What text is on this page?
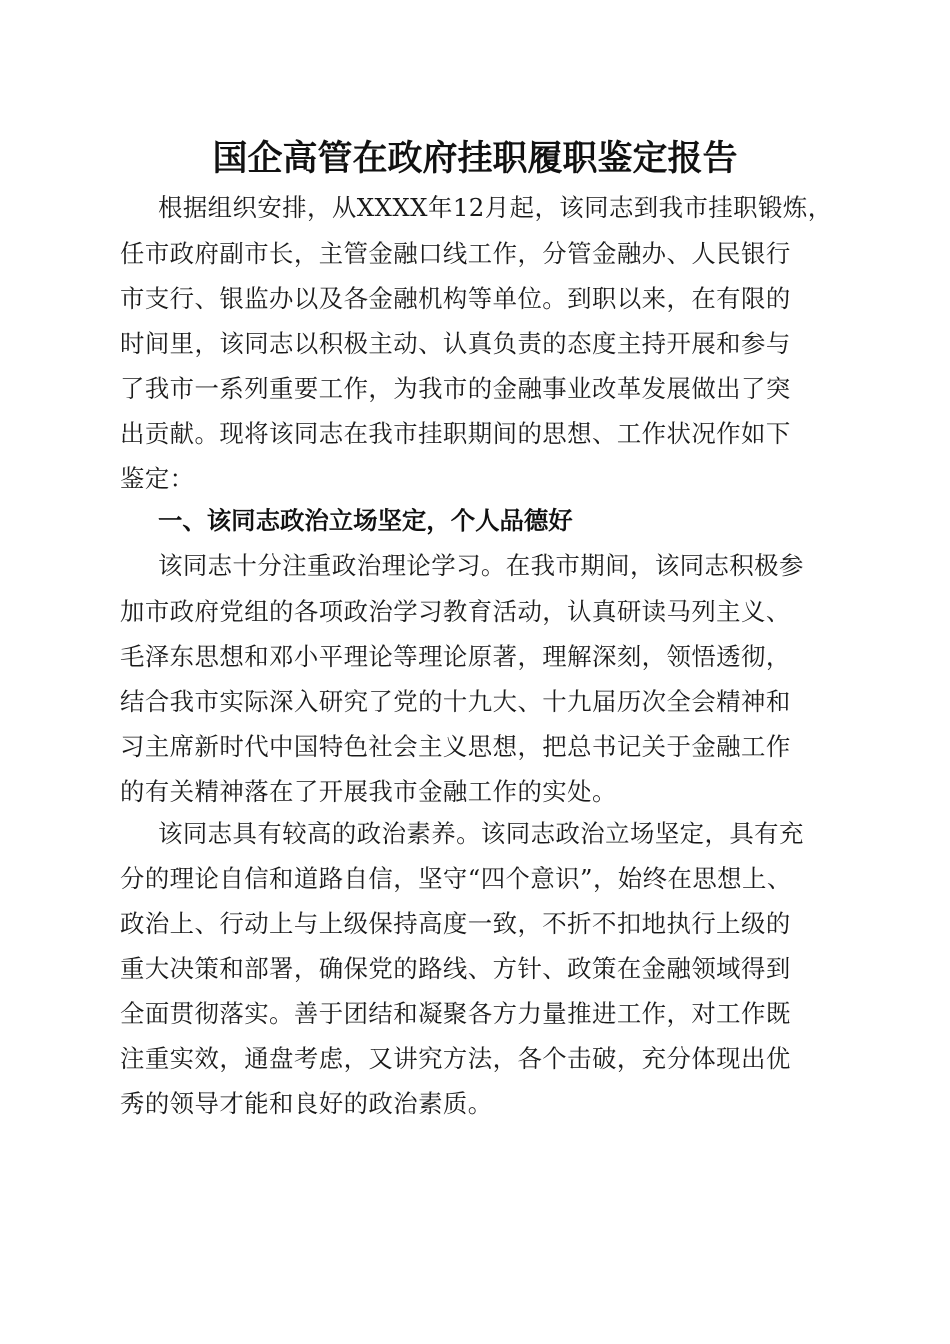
国企高管在政府挂职履职鉴定报告
根据组织安排，从XXXX年12月起，该同志到我市挂职锻炼，
任市政府副市长，主管金融口线工作，分管金融办、人民银行
市支行、银监办以及各金融机构等单位。到职以来，在有限的
时间里，该同志以积极主动、认真负责的态度主持开展和参与
了我市一系列重要工作，为我市的金融事业改革发展做出了突
出贡献。现将该同志在我市挂职期间的思想、工作状况作如下
鉴定：
一、该同志政治立场坚定，个人品德好
该同志十分注重政治理论学习。在我市期间，该同志积极参
加市政府党组的各项政治学习教育活动，认真研读马列主义、
毛泽东思想和邓小平理论等理论原著，理解深刻，领悟透彻，
结合我市实际深入研究了党的十九大、十九届历次全会精神和
习主席新时代中国特色社会主义思想，把总书记关于金融工作
的有关精神落在了开展我市金融工作的实处。
该同志具有较高的政治素养。该同志政治立场坚定，具有充
分的理论自信和道路自信，坚守“四个意识”，始终在思想上、
政治上、行动上与上级保持高度一致，不折不扣地执行上级的
重大决策和部署，确保党的路线、方针、政策在金融领域得到
全面贯彻落实。善于团结和凝聚各方力量推进工作，对工作既
注重实效，通盘考虑，又讲究方法，各个击破，充分体现出优
秀的领导才能和良好的政治素质。
